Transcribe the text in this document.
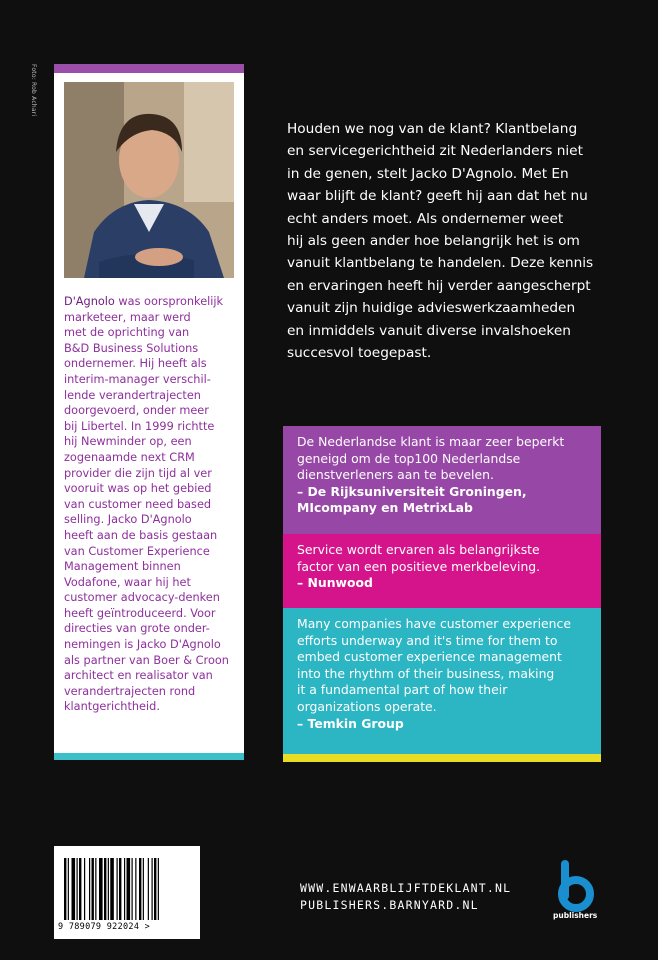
Foto: Rob Achari
D'Agnolo was oorspronkelijk
marketeer, maar werd
met de oprichting van
B&D Business Solutions
ondernemer. Hij heeft als
interim-manager verschil-
lende verandertrajecten
doorgevoerd, onder meer
bij Libertel. In 1999 richtte
hij Newminder op, een
zogenaamde next CRM
provider die zijn tijd al ver
vooruit was op het gebied
van customer need based
selling. Jacko D'Agnolo
heeft aan de basis gestaan
van Customer Experience
Management binnen
Vodafone, waar hij het
customer advocacy-denken
heeft geïntroduceerd. Voor
directies van grote onder-
nemingen is Jacko D'Agnolo
als partner van Boer & Croon
architect en realisator van
verandertrajecten rond
klantgerichtheid.
Houden we nog van de klant? Klantbelang
en servicegerichtheid zit Nederlanders niet
in de genen, stelt Jacko D'Agnolo. Met En
waar blijft de klant? geeft hij aan dat het nu
echt anders moet. Als ondernemer weet
hij als geen ander hoe belangrijk het is om
vanuit klantbelang te handelen. Deze kennis
en ervaringen heeft hij verder aangescherpt
vanuit zijn huidige advieswerkzaamheden
en inmiddels vanuit diverse invalshoeken
succesvol toegepast.
De Nederlandse klant is maar zeer beperkt
geneigd om de top100 Nederlandse
dienstverleners aan te bevelen.
– De Rijksuniversiteit Groningen,
MIcompany en MetrixLab
Service wordt ervaren als belangrijkste
factor van een positieve merkbeleving.
– Nunwood
Many companies have customer experience
efforts underway and it's time for them to
embed customer experience management
into the rhythm of their business, making
it a fundamental part of how their
organizations operate.
– Temkin Group
9 789079 922024 >
WWW.ENWAARBLIJFTDEKLANT.NL
PUBLISHERS.BARNYARD.NL
publishers
